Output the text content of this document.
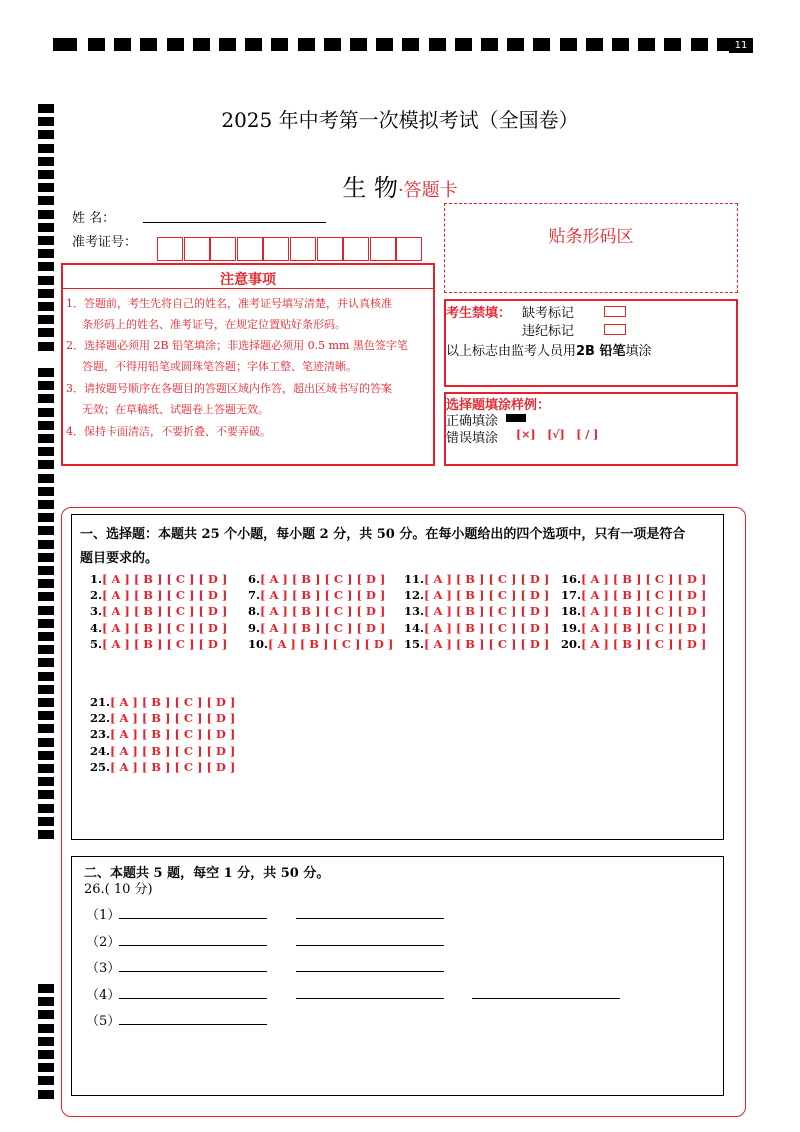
11
2025 年中考第一次模拟考试（全国卷）
生 物·答题卡
姓 名：
准考证号：	贴条形码区
注意事项
1．答题前，考生先将自己的姓名，准考证号填写清楚，并认真核准
条形码上的姓名、准考证号，在规定位置贴好条形码。
2．选择题必须用 2B 铅笔填涂；非选择题必须用 0.5 mm 黑色签字笔
答题，不得用铅笔或圆珠笔答题；字体工整、笔迹清晰。
3．请按题号顺序在各题目的答题区域内作答，超出区域书写的答案
无效；在草稿纸、试题卷上答题无效。
4．保持卡面清洁，不要折叠、不要弄破。
考生禁填： 缺考标记
违纪标记
以上标志由监考人员用2B 铅笔填涂
选择题填涂样例：
正确填涂
错误填涂 [×]   [√]   [ / ]
一、选择题：本题共 25 个小题，每小题 2 分，共 50 分。在每小题给出的四个选项中，只有一项是符合
题目要求的。
1.[ A ] [ B ] [ C ] [ D ]
2.[ A ] [ B ] [ C ] [ D ]
3.[ A ] [ B ] [ C ] [ D ]
4.[ A ] [ B ] [ C ] [ D ]
5.[ A ] [ B ] [ C ] [ D ]
6.[ A ] [ B ] [ C ] [ D ]
7.[ A ] [ B ] [ C ] [ D ]
8.[ A ] [ B ] [ C ] [ D ]
9.[ A ] [ B ] [ C ] [ D ]
10.[ A ] [ B ] [ C ] [ D ]
11.[ A ] [ B ] [ C ] [ D ]
12.[ A ] [ B ] [ C ] [ D ]
13.[ A ] [ B ] [ C ] [ D ]
14.[ A ] [ B ] [ C ] [ D ]
15.[ A ] [ B ] [ C ] [ D ]
16.[ A ] [ B ] [ C ] [ D ]
17.[ A ] [ B ] [ C ] [ D ]
18.[ A ] [ B ] [ C ] [ D ]
19.[ A ] [ B ] [ C ] [ D ]
20.[ A ] [ B ] [ C ] [ D ]
21.[ A ] [ B ] [ C ] [ D ]
22.[ A ] [ B ] [ C ] [ D ]
23.[ A ] [ B ] [ C ] [ D ]
24.[ A ] [ B ] [ C ] [ D ]
25.[ A ] [ B ] [ C ] [ D ]
二、本题共 5 题，每空 1 分，共 50 分。
26.( 10 分)
（1）
（2）
（3）
（4）
（5）
